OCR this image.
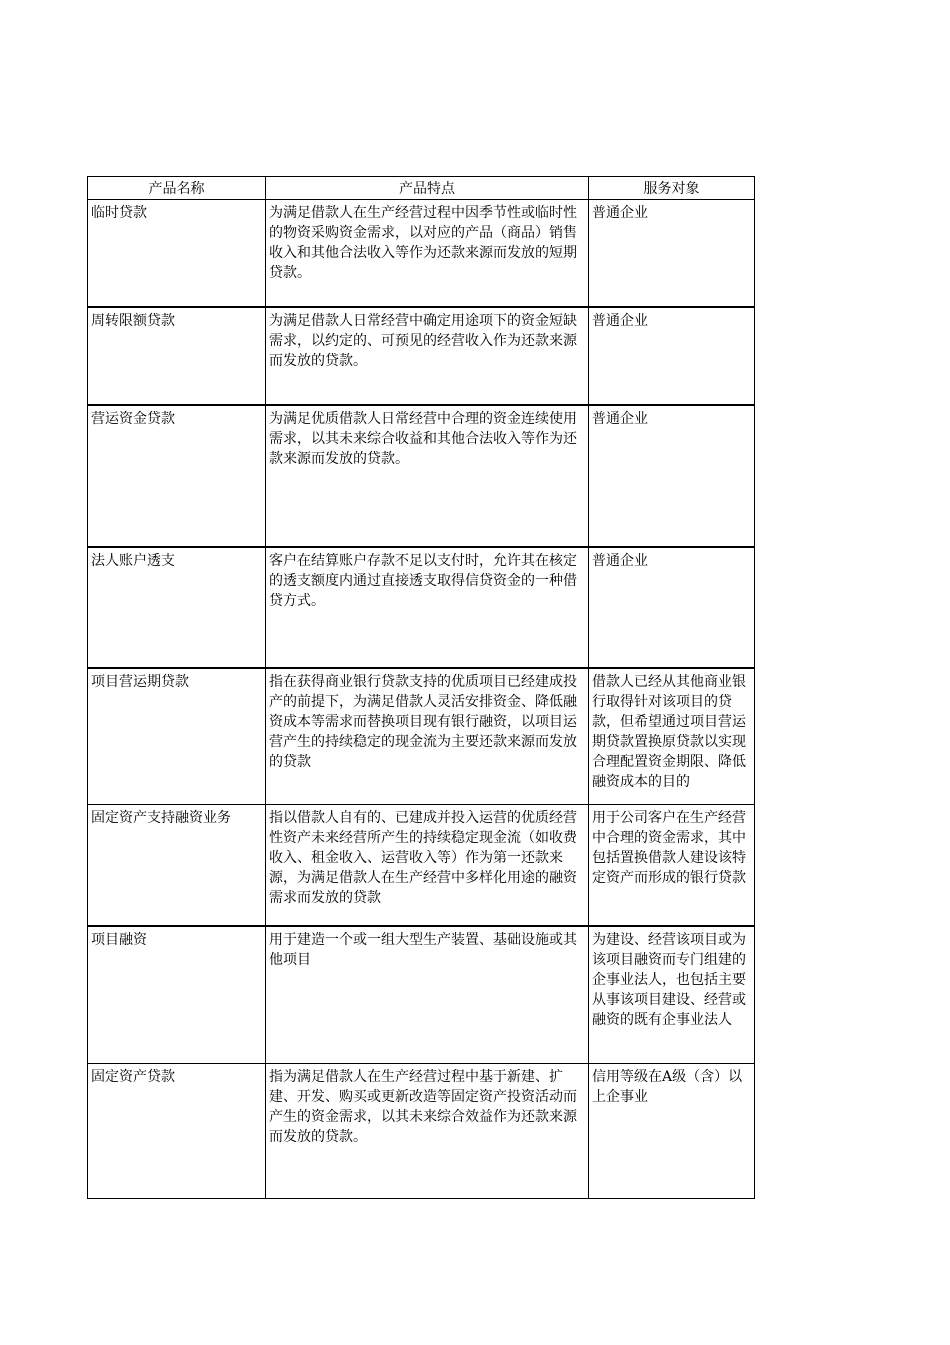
产品名称	产品特点	服务对象

临时贷款	为满足借款人在生产经营过程中因季节性或临时性的物资采购资金需求，以对应的产品（商品）销售收入和其他合法收入等作为还款来源而发放的短期贷款。	普通企业

周转限额贷款	为满足借款人日常经营中确定用途项下的资金短缺需求，以约定的、可预见的经营收入作为还款来源而发放的贷款。	普通企业

营运资金贷款	为满足优质借款人日常经营中合理的资金连续使用需求，以其未来综合收益和其他合法收入等作为还款来源而发放的贷款。	普通企业

法人账户透支	客户在结算账户存款不足以支付时，允许其在核定的透支额度内通过直接透支取得信贷资金的一种借贷方式。	普通企业

项目营运期贷款	指在获得商业银行贷款支持的优质项目已经建成投产的前提下，为满足借款人灵活安排资金、降低融资成本等需求而替换项目现有银行融资，以项目运营产生的持续稳定的现金流为主要还款来源而发放的贷款	借款人已经从其他商业银行取得针对该项目的贷款，但希望通过项目营运期贷款置换原贷款以实现合理配置资金期限、降低融资成本的目的

固定资产支持融资业务	指以借款人自有的、已建成并投入运营的优质经营性资产未来经营所产生的持续稳定现金流（如收费收入、租金收入、运营收入等）作为第一还款来源，为满足借款人在生产经营中多样化用途的融资需求而发放的贷款	用于公司客户在生产经营中合理的资金需求，其中包括置换借款人建设该特定资产而形成的银行贷款

项目融资	用于建造一个或一组大型生产装置、基础设施或其他项目	为建设、经营该项目或为该项目融资而专门组建的企事业法人，也包括主要从事该项目建设、经营或融资的既有企事业法人

固定资产贷款	指为满足借款人在生产经营过程中基于新建、扩建、开发、购买或更新改造等固定资产投资活动而产生的资金需求，以其未来综合效益作为还款来源而发放的贷款。	信用等级在A级（含）以上企事业
